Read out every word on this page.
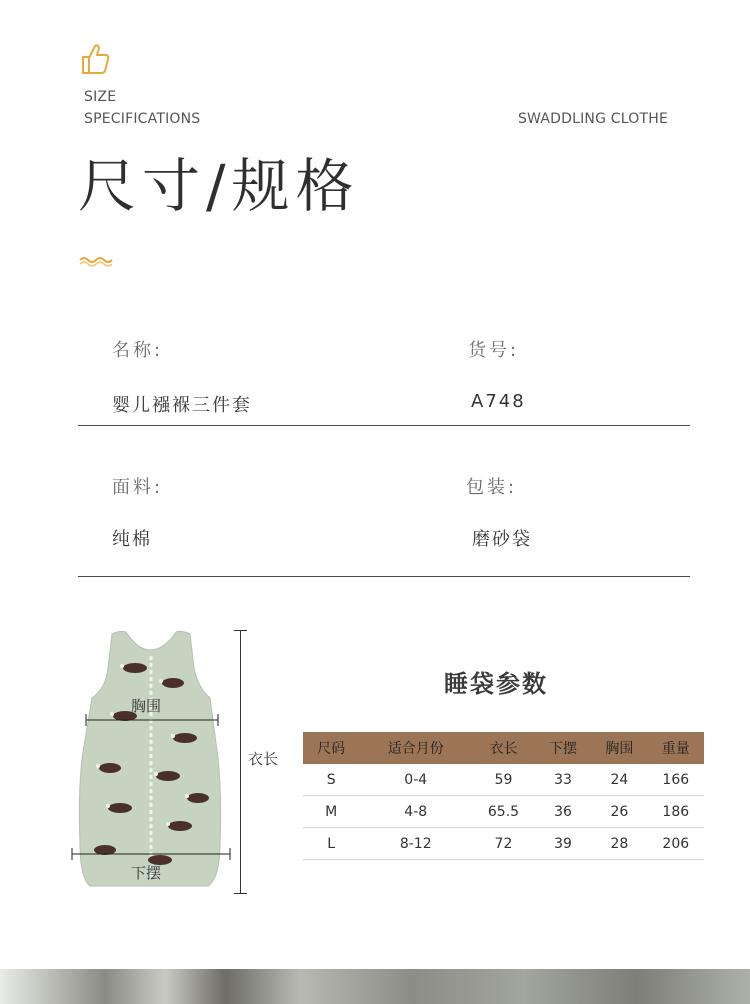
SIZE
SPECIFICATIONS	SWADDLING CLOTHE
尺寸/规格
名称:
婴儿襁褓三件套
货号:
A748
面料:
纯棉
包装:
磨砂袋
胸围
下摆
衣长
睡袋参数
尺码	适合月份	衣长	下摆	胸围	重量
S	0-4	59	33	24	166
M	4-8	65.5	36	26	186
L	8-12	72	39	28	206
